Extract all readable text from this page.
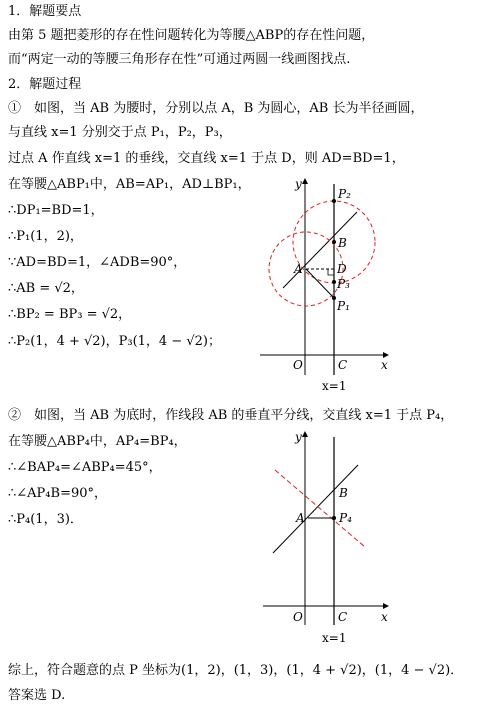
1．解题要点
由第 5 题把菱形的存在性问题转化为等腰△ABP的存在性问题，
而“两定一动的等腰三角形存在性”可通过两圆一线画图找点.
2．解题过程
①　如图，当 AB 为腰时，分别以点 A，B 为圆心，AB 长为半径画圆，
与直线 x=1 分别交于点 P₁，P₂，P₃，
过点 A 作直线 x=1 的垂线，交直线 x=1 于点 D，则 AD=BD=1，
在等腰△ABP₁中，AB=AP₁，AD⊥BP₁，
∴DP₁=BD=1，
∴P₁(1，2)，
∵AD=BD=1，∠ADB=90°，
∴AB = √2，
∴BP₂ = BP₃ = √2，
∴P₂(1，4 + √2)，P₃(1，4 − √2)；
y
x
O	C
x=1
P₂
B
A	D
P₃
P₁
②　如图，当 AB 为底时，作线段 AB 的垂直平分线，交直线 x=1 于点 P₄，
在等腰△ABP₄中，AP₄=BP₄，
∴∠BAP₄=∠ABP₄=45°，
∴∠AP₄B=90°，
∴P₄(1，3)．
y
x
O	C
x=1
B
A	P₄
综上，符合题意的点 P 坐标为(1，2)，(1，3)，(1，4 + √2)，(1，4 − √2)．
答案选 D.
